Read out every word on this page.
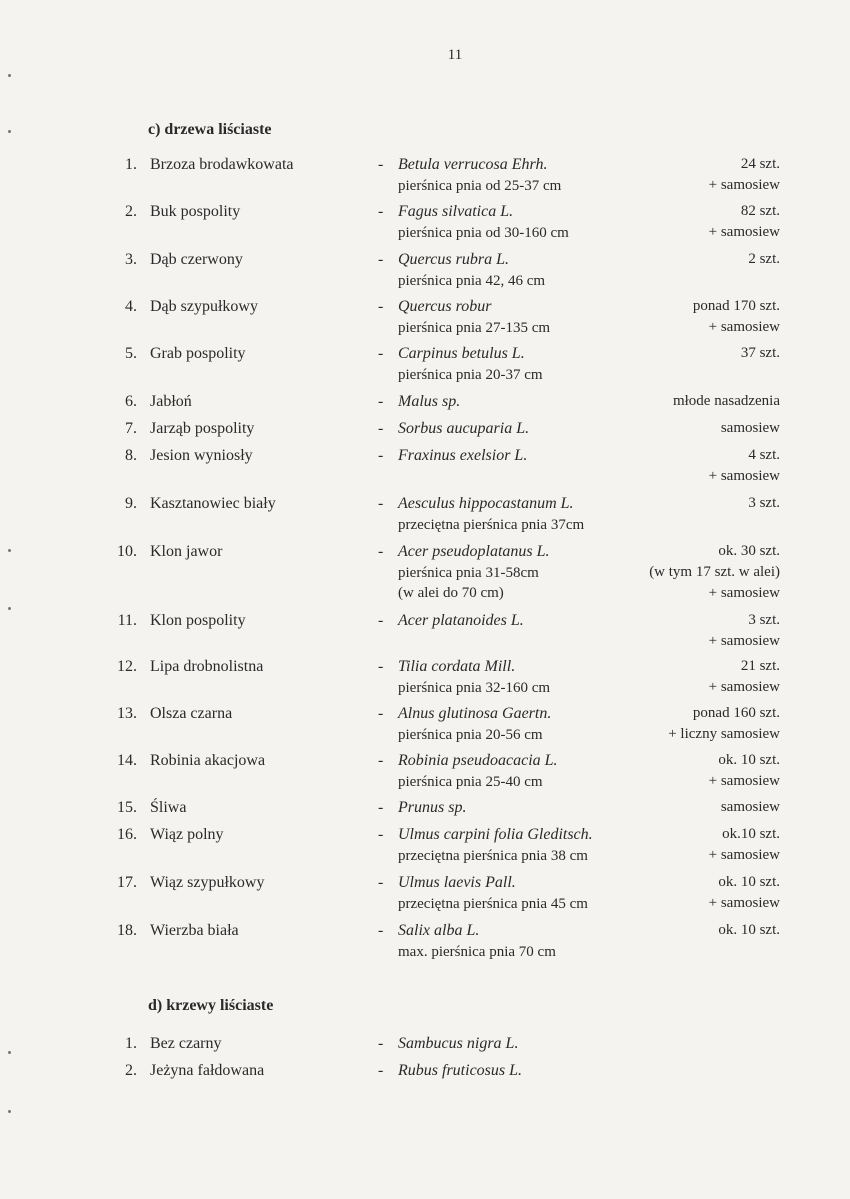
11
c) drzewa liściaste
1. Brzoza brodawkowata	- Betula verrucosa Ehrh.
pierśnica pnia od 25-37 cm
24 szt.
+ samosiew
2. Buk pospolity	- Fagus silvatica L.
pierśnica pnia od 30-160 cm
82 szt.
+ samosiew
3. Dąb czerwony	- Quercus rubra L.
pierśnica pnia 42, 46 cm
2 szt.
4. Dąb szypułkowy	- Quercus robur
pierśnica pnia 27-135 cm
ponad 170 szt.
+ samosiew
5. Grab pospolity	- Carpinus betulus L.
pierśnica pnia 20-37 cm
37 szt.
6. Jabłoń	- Malus sp.	młode nasadzenia
7. Jarząb pospolity	- Sorbus aucuparia L.	samosiew
8. Jesion wyniosły	- Fraxinus exelsior L.	4 szt.
+ samosiew
9. Kasztanowiec biały	- Aesculus hippocastanum L.
przeciętna pierśnica pnia 37cm
3 szt.
10. Klon jawor	- Acer pseudoplatanus L.
pierśnica pnia 31-58cm
(w alei do 70 cm)
ok. 30 szt.
(w tym 17 szt. w alei)
+ samosiew
11. Klon pospolity	- Acer platanoides L.	3 szt.
+ samosiew
12. Lipa drobnolistna	- Tilia cordata Mill.
pierśnica pnia 32-160 cm
21 szt.
+ samosiew
13. Olsza czarna	- Alnus glutinosa Gaertn.
pierśnica pnia 20-56 cm
ponad 160 szt.
+ liczny samosiew
14. Robinia akacjowa	- Robinia pseudoacacia L.
pierśnica pnia 25-40 cm
ok. 10 szt.
+ samosiew
15. Śliwa	- Prunus sp.	samosiew
16. Wiąz polny	- Ulmus carpini folia Gleditsch.
przeciętna pierśnica pnia 38 cm
ok.10 szt.
+ samosiew
17. Wiąz szypułkowy	- Ulmus laevis Pall.
przeciętna pierśnica pnia 45 cm
ok. 10 szt.
+ samosiew
18. Wierzba biała	- Salix alba L.
max. pierśnica pnia 70 cm
ok. 10 szt.
d) krzewy liściaste
1. Bez czarny	- Sambucus nigra L.
2. Jeżyna fałdowana	- Rubus fruticosus L.
